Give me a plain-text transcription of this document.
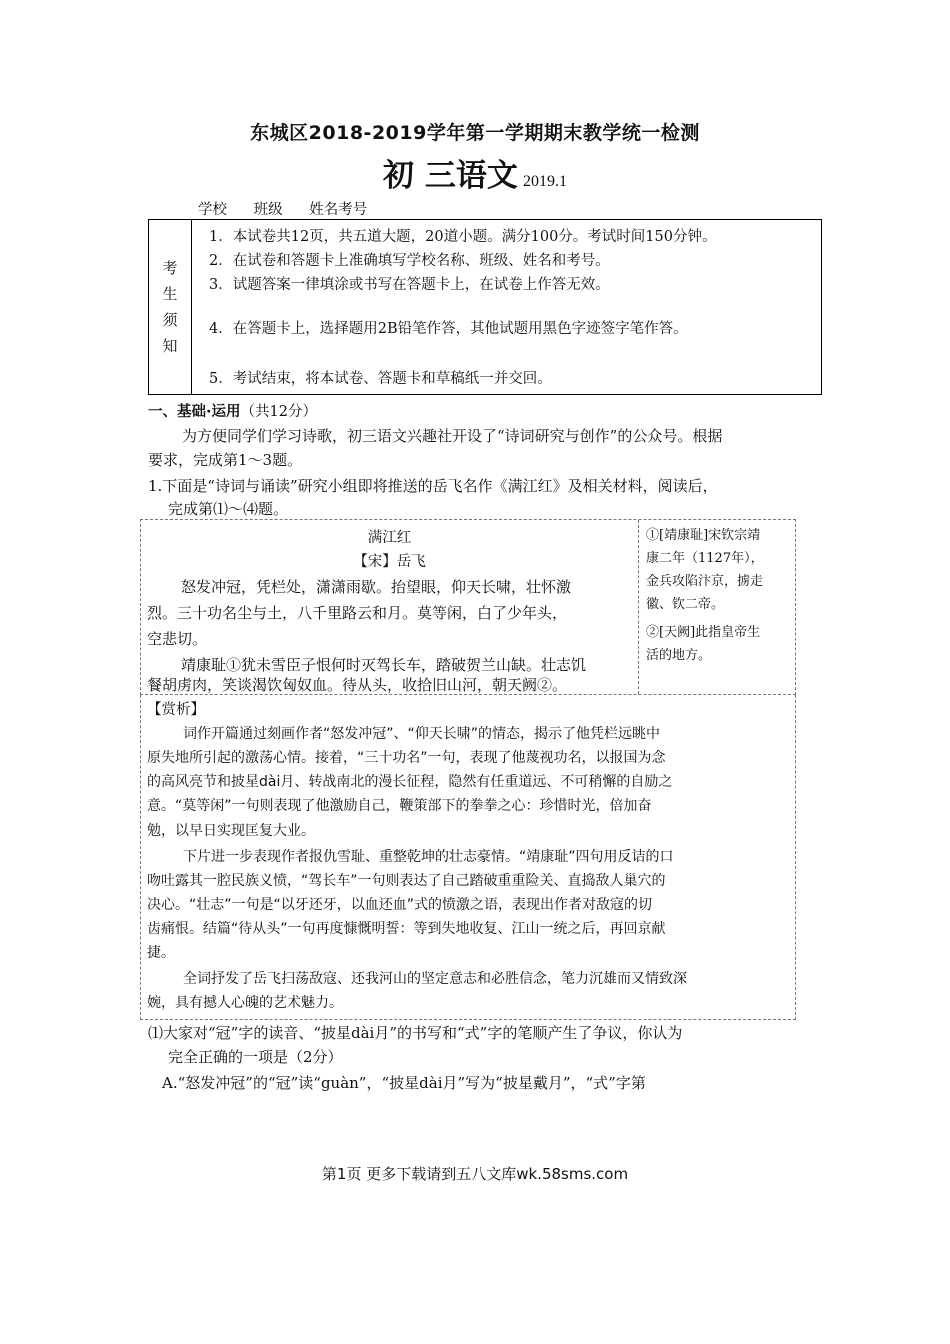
东城区2018-2019学年第一学期期末教学统一检测
初 三语文 2019.1
学校 班级 姓名考号
考
生
须
知
1．本试卷共12页，共五道大题，20道小题。满分100分。考试时间150分钟。
2．在试卷和答题卡上准确填写学校名称、班级、姓名和考号。
3．试题答案一律填涂或书写在答题卡上，在试卷上作答无效。
4．在答题卡上，选择题用2B铅笔作答，其他试题用黑色字迹签字笔作答。
5．考试结束，将本试卷、答题卡和草稿纸一并交回。
一、基础·运用（共12分）
为方便同学们学习诗歌，初三语文兴趣社开设了“诗词研究与创作”的公众号。根据
要求，完成第1～3题。
1.下面是“诗词与诵读”研究小组即将推送的岳飞名作《满江红》及相关材料，阅读后，
完成第⑴～⑷题。
满江红
【宋】岳飞
怒发冲冠，凭栏处，潇潇雨歇。抬望眼，仰天长啸，壮怀激
烈。三十功名尘与土，八千里路云和月。莫等闲，白了少年头，
空悲切。
靖康耻①犹未雪臣子恨何时灭驾长车，踏破贺兰山缺。壮志饥
餐胡虏肉，笑谈渴饮匈奴血。待从头，收拾旧山河，朝天阙②。
①[靖康耻]宋钦宗靖
康二年（1127年），
金兵攻陷汴京，掳走
徽、钦二帝。
②[天阙]此指皇帝生
活的地方。
【赏析】
词作开篇通过刻画作者“怒发冲冠”、“仰天长啸”的情态，揭示了他凭栏远眺中
原失地所引起的激荡心情。接着，“三十功名”一句，表现了他蔑视功名，以报国为念
的高风亮节和披星dài月、转战南北的漫长征程，隐然有任重道远、不可稍懈的自励之
意。“莫等闲”一句则表现了他激励自己，鞭策部下的拳拳之心：珍惜时光，倍加奋
勉，以早日实现匡复大业。
下片进一步表现作者报仇雪耻、重整乾坤的壮志豪情。“靖康耻”四句用反诘的口
吻吐露其一腔民族义愤，“驾长车”一句则表达了自己踏破重重险关、直捣敌人巢穴的
决心。“壮志”一句是“以牙还牙，以血还血”式的愤激之语，表现出作者对敌寇的切
齿痛恨。结篇“待从头”一句再度慷慨明誓：等到失地收复、江山一统之后，再回京献
捷。
全词抒发了岳飞扫荡敌寇、还我河山的坚定意志和必胜信念，笔力沉雄而又情致深
婉，具有撼人心魄的艺术魅力。
⑴大家对“冠”字的读音、“披星dài月”的书写和“式”字的笔顺产生了争议，你认为
完全正确的一项是（2分）
A.“怒发冲冠”的“冠”读“guàn”，“披星dài月”写为“披星戴月”，“式”字第
第1页 更多下载请到五八文库wk.58sms.com
